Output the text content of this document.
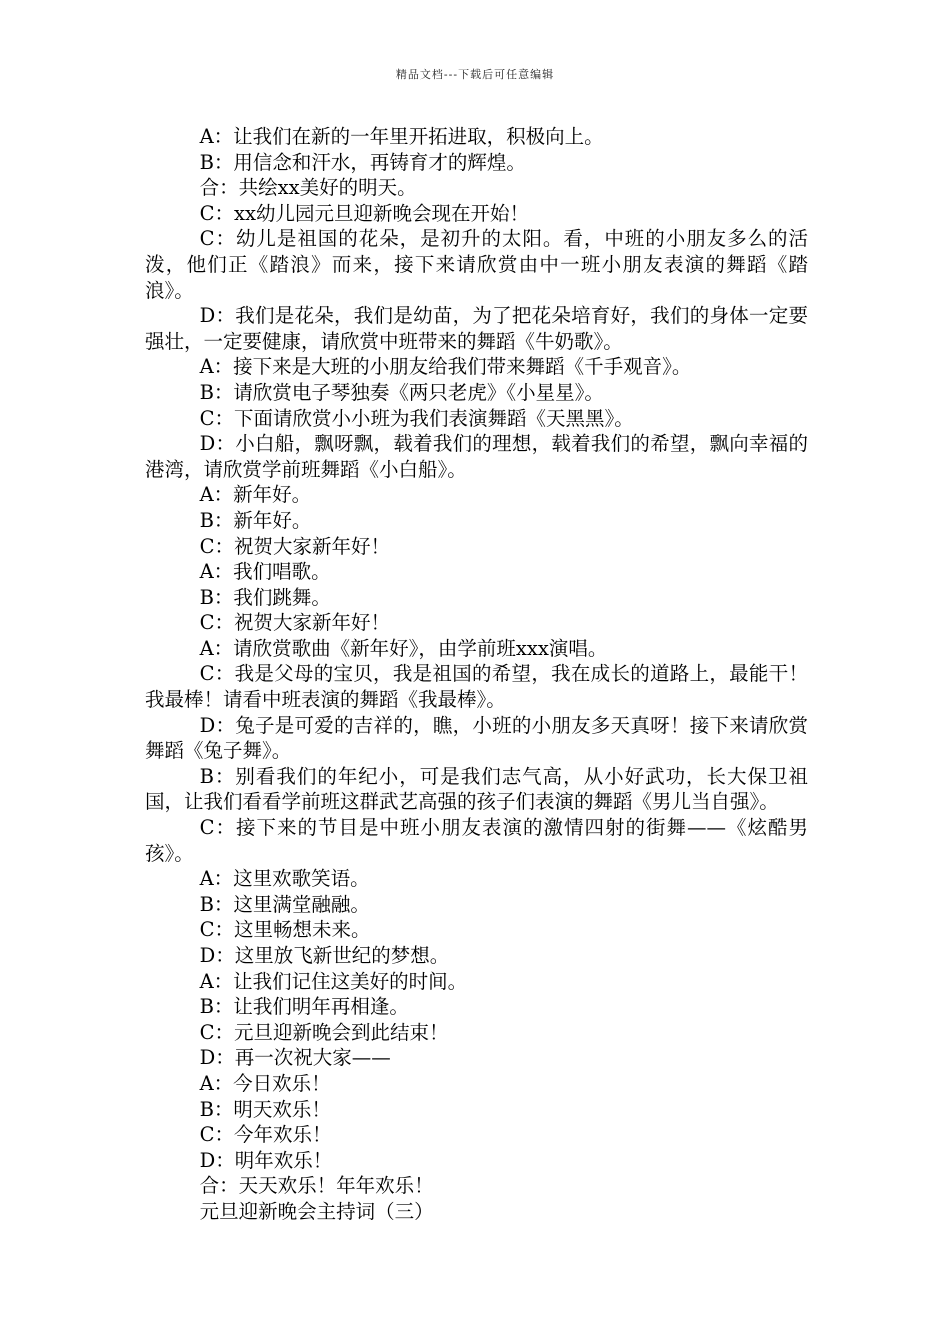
精品文档---下载后可任意编辑

A：让我们在新的一年里开拓进取，积极向上。

B：用信念和汗水，再铸育才的辉煌。

合：共绘xx美好的明天。

C：xx幼儿园元旦迎新晚会现在开始！

C：幼儿是祖国的花朵，是初升的太阳。看，中班的小朋友多么的活泼，他们正《踏浪》而来，接下来请欣赏由中一班小朋友表演的舞蹈《踏浪》。

D：我们是花朵，我们是幼苗，为了把花朵培育好，我们的身体一定要强壮，一定要健康，请欣赏中班带来的舞蹈《牛奶歌》。

A：接下来是大班的小朋友给我们带来舞蹈《千手观音》。

B：请欣赏电子琴独奏《两只老虎》《小星星》。

C：下面请欣赏小小班为我们表演舞蹈《天黑黑》。

D：小白船，飘呀飘，载着我们的理想，载着我们的希望，飘向幸福的港湾，请欣赏学前班舞蹈《小白船》。

A：新年好。

B：新年好。

C：祝贺大家新年好！

A：我们唱歌。

B：我们跳舞。

C：祝贺大家新年好！

A：请欣赏歌曲《新年好》，由学前班xxx演唱。

C：我是父母的宝贝，我是祖国的希望，我在成长的道路上，最能干！我最棒！请看中班表演的舞蹈《我最棒》。

D：兔子是可爱的吉祥的，瞧，小班的小朋友多天真呀！接下来请欣赏舞蹈《兔子舞》。

B：别看我们的年纪小，可是我们志气高，从小好武功，长大保卫祖国，让我们看看学前班这群武艺高强的孩子们表演的舞蹈《男儿当自强》。

C：接下来的节目是中班小朋友表演的激情四射的街舞——《炫酷男孩》。

A：这里欢歌笑语。

B：这里满堂融融。

C：这里畅想未来。

D：这里放飞新世纪的梦想。

A：让我们记住这美好的时间。

B：让我们明年再相逢。

C：元旦迎新晚会到此结束！

D：再一次祝大家——

A：今日欢乐！

B：明天欢乐！

C：今年欢乐！

D：明年欢乐！

合：天天欢乐！年年欢乐！

元旦迎新晚会主持词（三）
